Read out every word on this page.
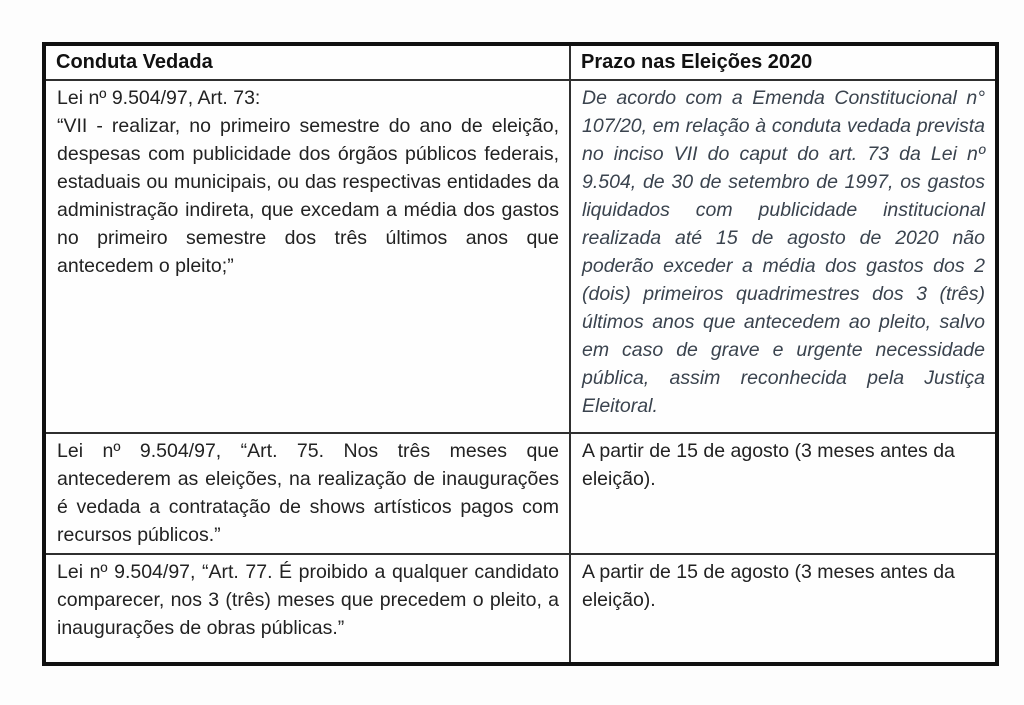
Conduta Vedada	Prazo nas Eleições 2020

Lei nº 9.504/97, Art. 73:

“VII - realizar, no primeiro semestre do ano de eleição, despesas com publicidade dos órgãos públicos federais, estaduais ou municipais, ou das respectivas entidades da administração indireta, que excedam a média dos gastos no primeiro semestre dos três últimos anos que antecedem o pleito;”

	De acordo com a Emenda Constitucional n° 107/20, em relação à conduta vedada prevista no inciso VII do caput do art. 73 da Lei nº 9.504, de 30 de setembro de 1997, os gastos liquidados com publicidade institucional realizada até 15 de agosto de 2020 não poderão exceder a média dos gastos dos 2 (dois) primeiros quadrimestres dos 3 (três) últimos anos que antecedem ao pleito, salvo em caso de grave e urgente necessidade pública, assim reconhecida pela Justiça Eleitoral.

Lei nº 9.504/97, “Art. 75. Nos três meses que antecederem as eleições, na realização de inaugurações é vedada a contratação de shows artísticos pagos com recursos públicos.”	A partir de 15 de agosto (3 meses antes da eleição).

Lei nº 9.504/97, “Art. 77. É proibido a qualquer candidato comparecer, nos 3 (três) meses que precedem o pleito, a inaugurações de obras públicas.”	A partir de 15 de agosto (3 meses antes da eleição).
